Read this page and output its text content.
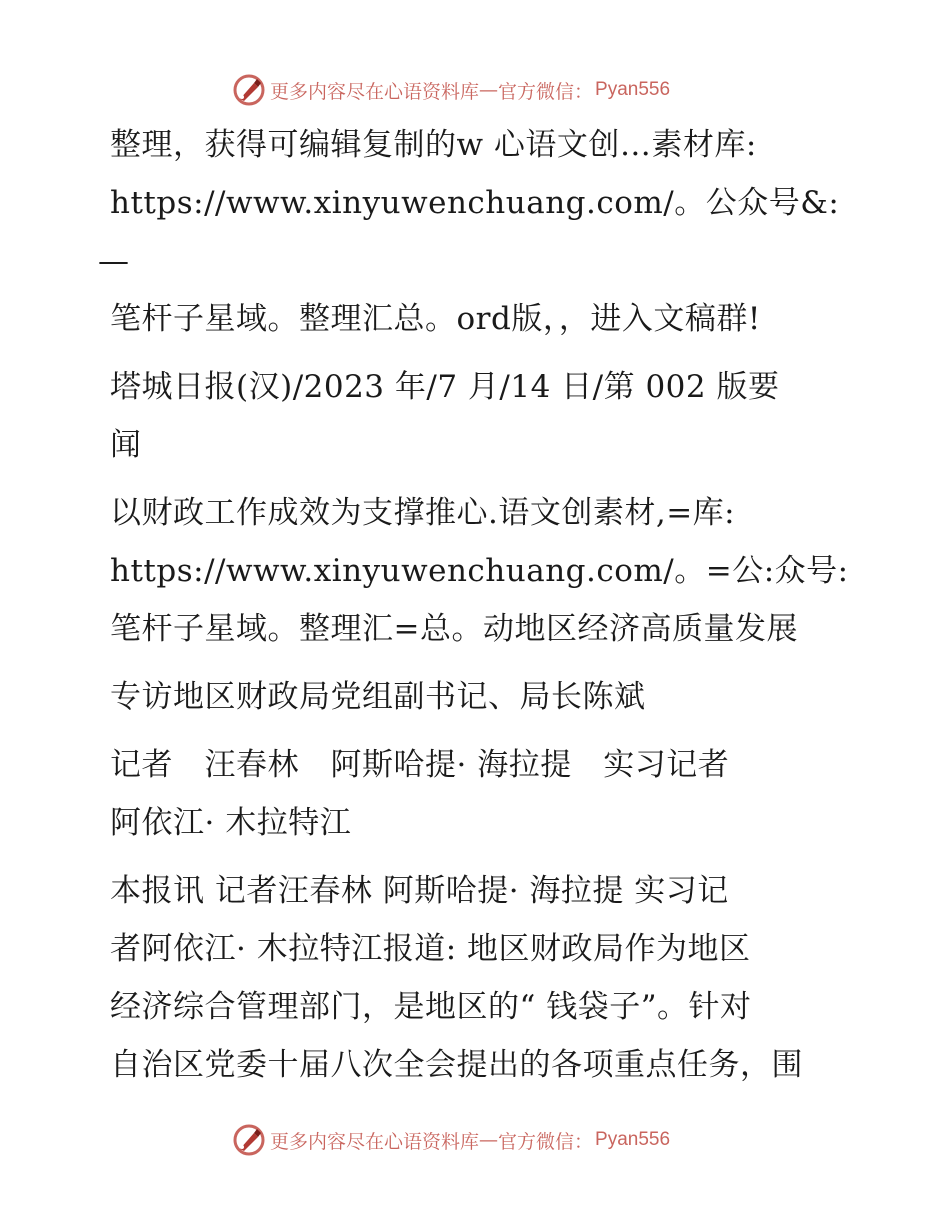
更多内容尽在心语资料库 — 官方微信： Pyan556
整理，获得可编辑复制的w 心语文创…素材库:
https://www.xinyuwenchuang.com/。公众号&: —
笔杆子星域。整理汇总。ord版，，进入文稿群!
塔城日报(汉)/2023 年/7 月/14 日/第 002 版要
闻
以财政工作成效为支撑推心.语文创素材,=库:
https://www.xinyuwenchuang.com/。=公:众号:
笔杆子星域。整理汇=总。动地区经济高质量发展
专访地区财政局党组副书记、局长陈斌
记者　汪春林　阿斯哈提· 海拉提　实习记者
阿依江· 木拉特江
本报讯 记者汪春林 阿斯哈提· 海拉提 实习记
者阿依江· 木拉特江报道: 地区财政局作为地区
经济综合管理部门，是地区的“ 钱袋子”。针对
自治区党委十届八次全会提出的各项重点任务，围
更多内容尽在心语资料库 — 官方微信： Pyan556
